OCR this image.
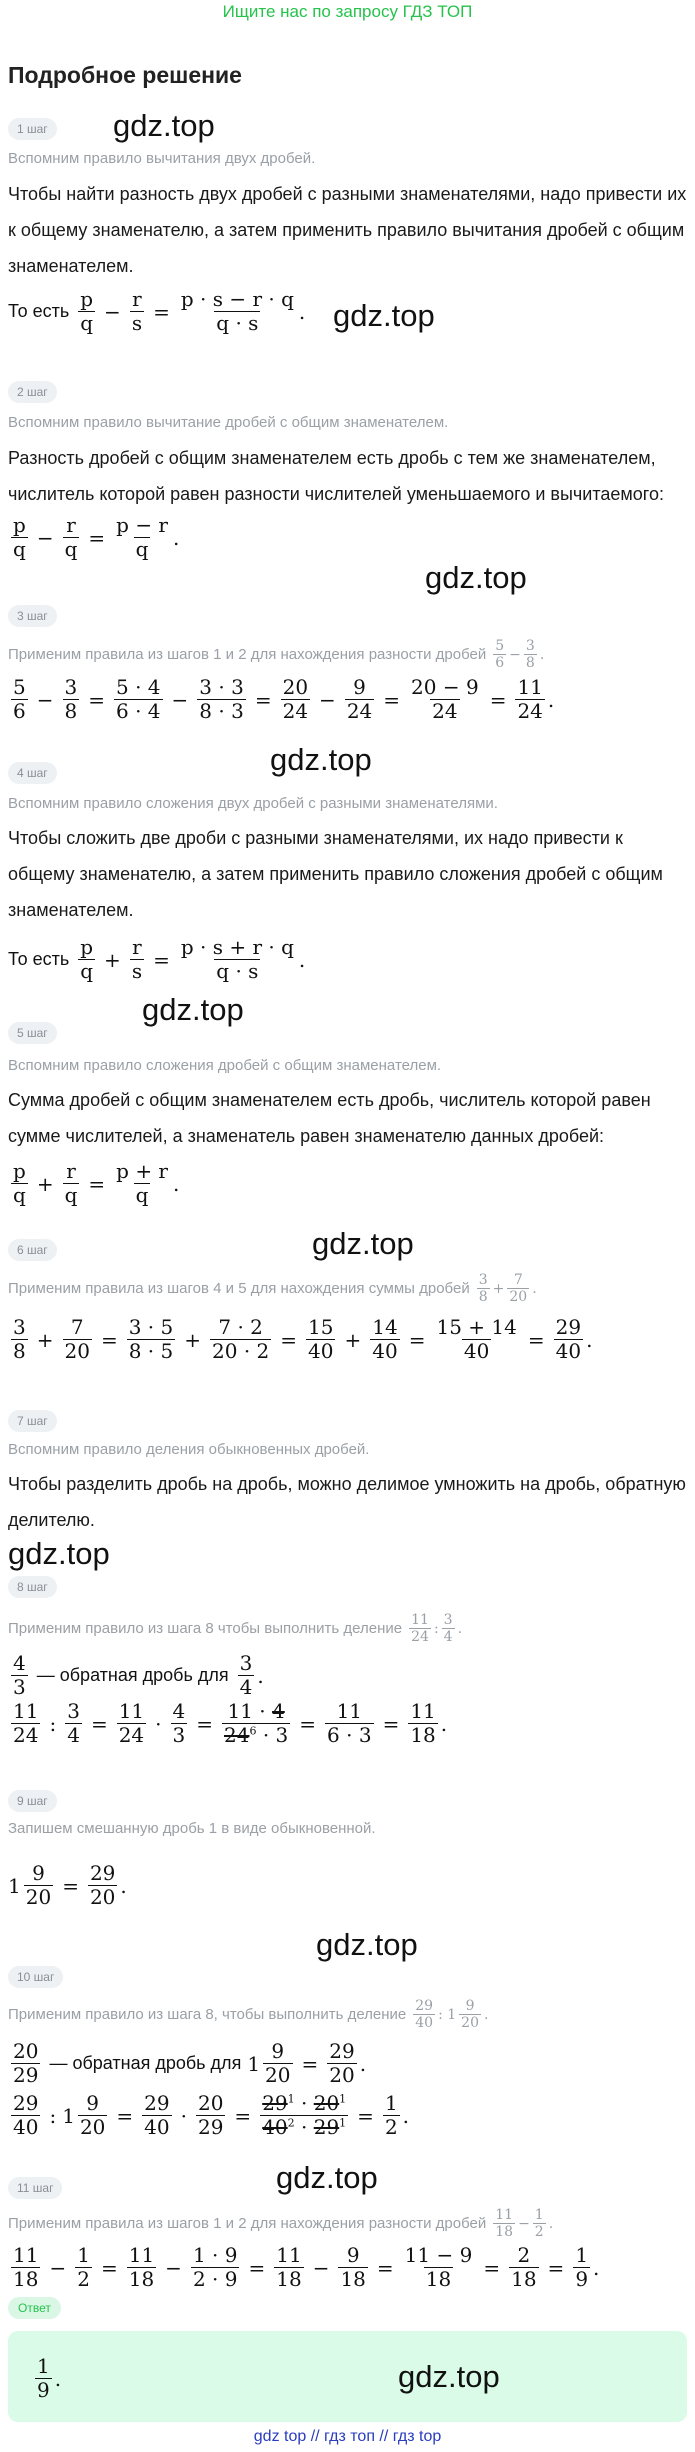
Ищите нас по запросу ГДЗ ТОП
Подробное решение
1 шаг gdz.top
Вспомним правило вычитания двух дробей.
Чтобы найти разность двух дробей с разными знаменателями, надо привести их к общему знаменателю, а затем применить правило вычитания дробей с общим знаменателем.
То есть $\frac{p}{q} - \frac{r}{s} = \frac{p \cdot s - r \cdot q}{q \cdot s}$ . gdz.top
2 шаг
Вспомним правило вычитание дробей с общим знаменателем.
Разность дробей с общим знаменателем есть дробь с тем же знаменателем, числитель которой равен разности числителей уменьшаемого и вычитаемого:
$\frac{p}{q} - \frac{r}{q} = \frac{p - r}{q}$ .
gdz.top
3 шаг
Применим правила из шагов 1 и 2 для нахождения разности дробей $\frac{5}{6} - \frac{3}{8}$ .
$\frac{5}{6} - \frac{3}{8} = \frac{5 \cdot 4}{6 \cdot 4} - \frac{3 \cdot 3}{8 \cdot 3} = \frac{20}{24} - \frac{9}{24} = \frac{20 - 9}{24} = \frac{11}{24}$ .
gdz.top
4 шаг
Вспомним правило сложения двух дробей с разными знаменателями.
Чтобы сложить две дроби с разными знаменателями, их надо привести к общему знаменателю, а затем применить правило сложения дробей с общим знаменателем.
То есть $\frac{p}{q} + \frac{r}{s} = \frac{p \cdot s + r \cdot q}{q \cdot s}$ .
gdz.top
5 шаг
Вспомним правило сложения дробей с общим знаменателем.
Сумма дробей с общим знаменателем есть дробь, числитель которой равен сумме числителей, а знаменатель равен знаменателю данных дробей:
$\frac{p}{q} + \frac{r}{q} = \frac{p + r}{q}$ .
gdz.top
6 шаг
Применим правила из шагов 4 и 5 для нахождения суммы дробей $\frac{3}{8} + \frac{7}{20}$ .
$\frac{3}{8} + \frac{7}{20} = \frac{3 \cdot 5}{8 \cdot 5} + \frac{7 \cdot 2}{20 \cdot 2} = \frac{15}{40} + \frac{14}{40} = \frac{15 + 14}{40} = \frac{29}{40}$ .
7 шаг
Вспомним правило деления обыкновенных дробей.
Чтобы разделить дробь на дробь, можно делимое умножить на дробь, обратную делителю.
gdz.top
8 шаг
Применим правило из шага 8 чтобы выполнить деление $\frac{11}{24}$ : $\frac{3}{4}$ .
$\frac{4}{3}$ — обратная дробь для $\frac{3}{4}$ .
$\frac{11}{24}$ : $\frac{3}{4} = \frac{11}{24} \cdot \frac{4}{3} = \frac{11 \cdot 4}{24^6 \cdot 3} = \frac{11}{6 \cdot 3} = \frac{11}{18}$ .
9 шаг
Запишем смешанную дробь 1 в виде обыкновенной.
$1 \frac{9}{20} = \frac{29}{20}$ .
gdz.top
10 шаг
Применим правило из шага 8, чтобы выполнить деление $\frac{29}{40}$ : $1 \frac{9}{20}$ .
$\frac{20}{29}$ — обратная дробь для $1 \frac{9}{20} = \frac{29}{20}$ .
$\frac{29}{40}$ : $1 \frac{9}{20} = \frac{29}{40} \cdot \frac{20}{29} = \frac{29^1 \cdot 20^1}{40^2 \cdot 29^1} = \frac{1}{2}$ .
gdz.top
11 шаг
Применим правила из шагов 1 и 2 для нахождения разности дробей $\frac{11}{18} - \frac{1}{2}$ .
$\frac{11}{18} - \frac{1}{2} = \frac{11}{18} - \frac{1 \cdot 9}{2 \cdot 9} = \frac{11}{18} - \frac{9}{18} = \frac{11 - 9}{18} = \frac{2}{18} = \frac{1}{9}$ .
Ответ
$\frac{1}{9}$ .	gdz.top
gdz top // гдз топ // гдз top
